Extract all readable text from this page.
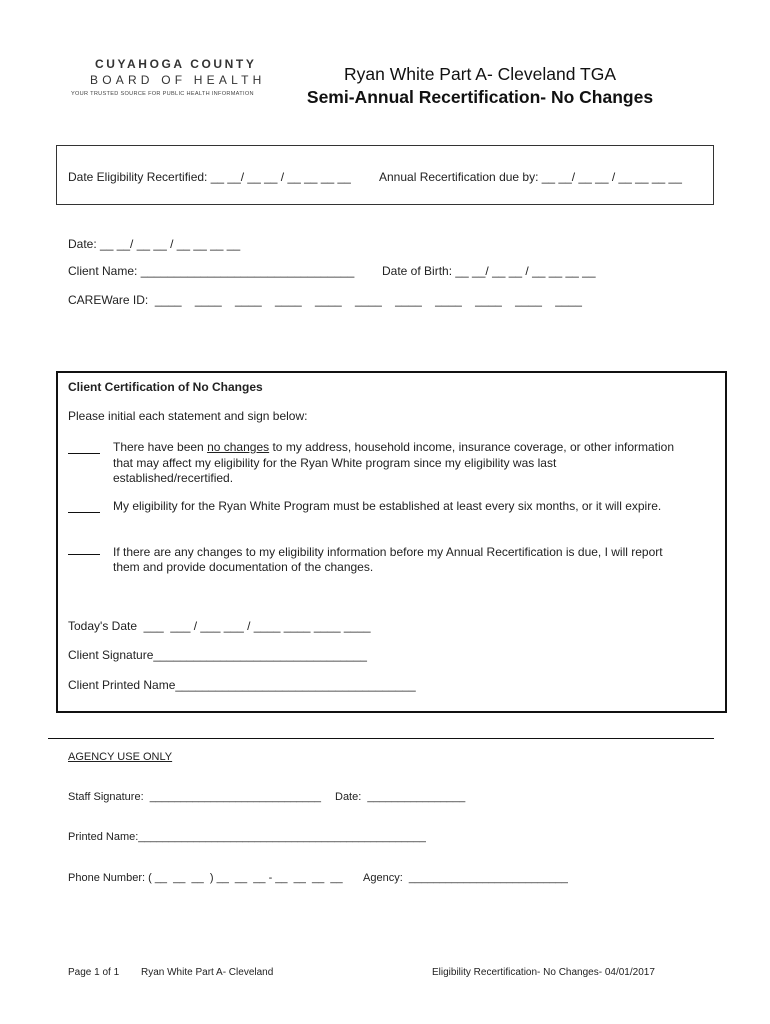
CUYAHOGA COUNTY
BOARD OF HEALTH
YOUR TRUSTED SOURCE FOR PUBLIC HEALTH INFORMATION
Ryan White Part A- Cleveland TGA
Semi-Annual Recertification- No Changes
Date Eligibility Recertified: __ __/ __ __ / __ __ __ __ Annual Recertification due by: __ __/ __ __ / __ __ __ __
Date: __ __/ __ __ / __ __ __ __
Client Name: ________________________________ Date of Birth: __ __/ __ __ / __ __ __ __
CAREWare ID:  ____    ____    ____    ____    ____    ____    ____    ____    ____    ____    ____
Client Certification of No Changes
Please initial each statement and sign below:
There have been no changes to my address, household income, insurance coverage, or other information
that may affect my eligibility for the Ryan White program since my eligibility was last
established/recertified.
My eligibility for the Ryan White Program must be established at least every six months, or it will expire.
If there are any changes to my eligibility information before my Annual Recertification is due, I will report
them and provide documentation of the changes.
Today's Date  ___  ___ / ___ ___ / ____ ____ ____ ____
Client Signature________________________________
Client Printed Name____________________________________
AGENCY USE ONLY
Staff Signature:  ____________________________ Date:  ________________
Printed Name:_______________________________________________
Phone Number: ( __  __  __  ) __  __  __ - __  __  __  __ Agency:  __________________________
Page 1 of 1 Ryan White Part A- Cleveland	Eligibility Recertification- No Changes- 04/01/2017
